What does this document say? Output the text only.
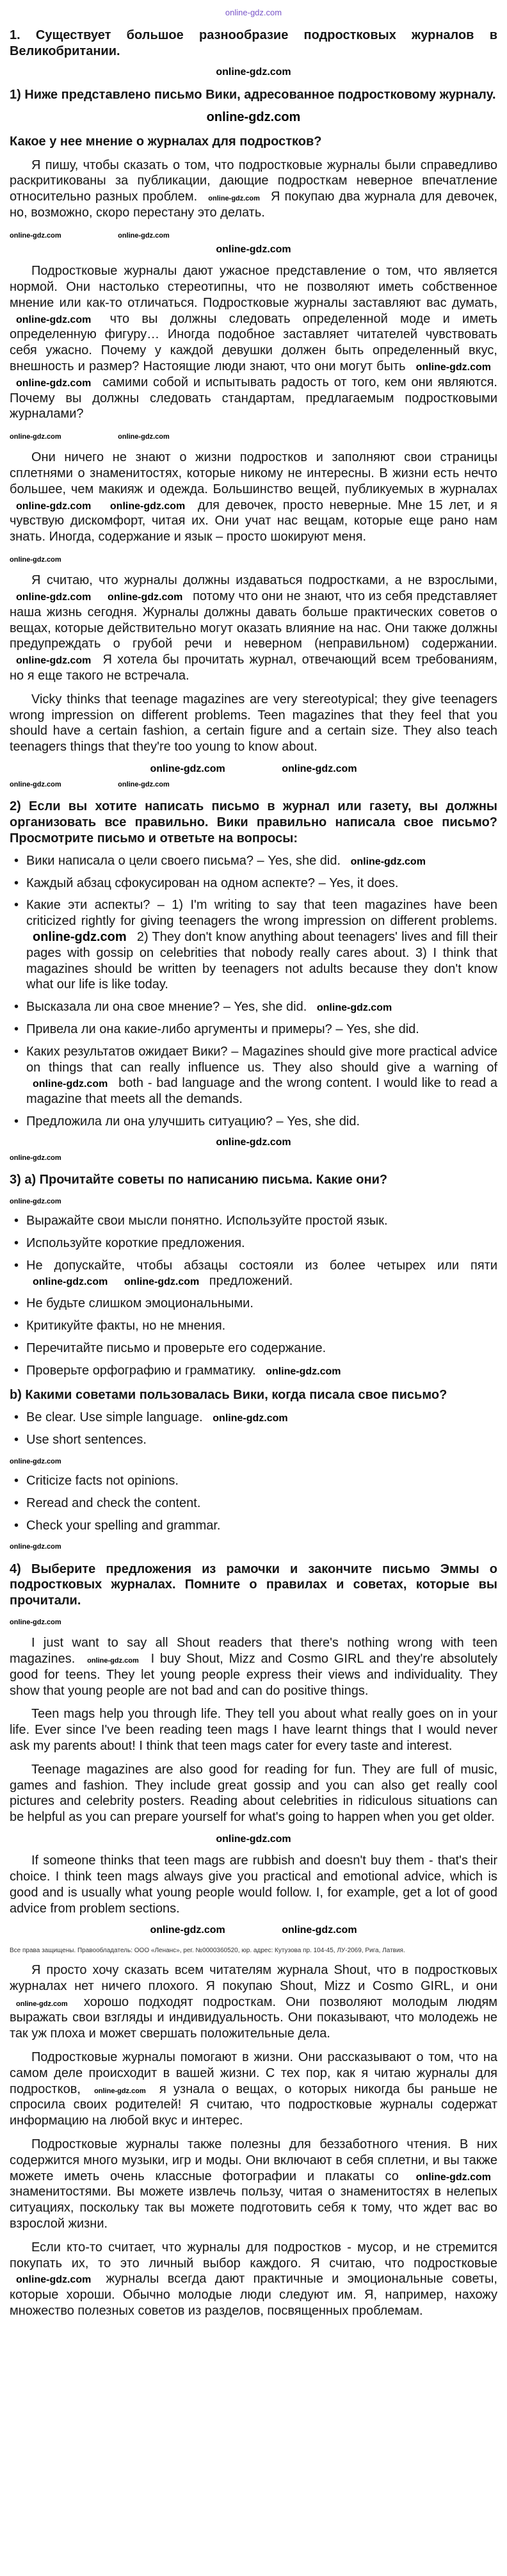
online-gdz.com
1. Существует большое разнообразие подростковых журналов в Великобритании.
online-gdz.com
1) Ниже представлено письмо Вики, адресованное подростковому журналу.
online-gdz.com
Какое у нее мнение о журналах для подростков?

Я пишу, чтобы сказать о том, что подростковые журналы были справедливо раскритикованы за публикации, дающие подросткам неверное впечатление относительно разных проблем. online-gdz.com Я покупаю два журнала для девочек, но, возможно, скоро перестану это делать.

online-gdz.com	online-gdz.com
online-gdz.com

Подростковые журналы дают ужасное представление о том, что является нормой. Они настолько стереотипны, что не позволяют иметь собственное мнение или как-то отличаться. Подростковые журналы заставляют вас думать, online-gdz.com что вы должны следовать определенной моде и иметь определенную фигуру… Иногда подобное заставляет читателей чувствовать себя ужасно. Почему у каждой девушки должен быть определенный вкус, внешность и размер? Настоящие люди знают, что они могут быть online-gdz.com online-gdz.com самими собой и испытывать радость от того, кем они являются. Почему вы должны следовать стандартам, предлагаемым подростковыми журналами?

online-gdz.com	online-gdz.com

Они ничего не знают о жизни подростков и заполняют свои страницы сплетнями о знаменитостях, которые никому не интересны. В жизни есть нечто большее, чем макияж и одежда. Большинство вещей, публикуемых в журналах online-gdz.com online-gdz.com для девочек, просто неверные. Мне 15 лет, и я чувствую дискомфорт, читая их. Они учат нас вещам, которые еще рано нам знать. Иногда, содержание и язык – просто шокируют меня.

online-gdz.com

Я считаю, что журналы должны издаваться подростками, а не взрослыми, online-gdz.com online-gdz.com потому что они не знают, что из себя представляет наша жизнь сегодня. Журналы должны давать больше практических советов о вещах, которые действительно могут оказать влияние на нас. Они также должны предупреждать о грубой речи и неверном (неправильном) содержании. online-gdz.com Я хотела бы прочитать журнал, отвечающий всем требованиям, но я еще такого не встречала.

Vicky thinks that teenage magazines are very stereotypical; they give teenagers wrong impression on different problems. Teen magazines that they feel that you should have a certain fashion, a certain figure and a certain size. They also teach teenagers things that they're too young to know about.

online-gdz.com	online-gdz.com
online-gdz.com	online-gdz.com
2) Если вы хотите написать письмо в журнал или газету, вы должны организовать все правильно. Вики правильно написала свое письмо? Просмотрите письмо и ответьте на вопросы:
• Вики написала о цели своего письма? – Yes, she did. online-gdz.com
• Каждый абзац сфокусирован на одном аспекте? – Yes, it does.
• Какие эти аспекты? – 1) I'm writing to say that teen magazines have been criticized rightly for giving teenagers the wrong impression on different problems. online-gdz.com 2) They don't know anything about teenagers' lives and fill their pages with gossip on celebrities that nobody really cares about. 3) I think that magazines should be written by teenagers not adults because they don't know what our life is like today.
• Высказала ли она свое мнение? – Yes, she did. online-gdz.com
• Привела ли она какие-либо аргументы и примеры? – Yes, she did.
• Каких результатов ожидает Вики? – Magazines should give more practical advice on things that can really influence us. They also should give a warning of online-gdz.com both - bad language and the wrong content. I would like to read a magazine that meets all the demands.
• Предложила ли она улучшить ситуацию? – Yes, she did.
online-gdz.com
online-gdz.com
3) a) Прочитайте советы по написанию письма. Какие они?
online-gdz.com
• Выражайте свои мысли понятно. Используйте простой язык.
• Используйте короткие предложения.
• Не допускайте, чтобы абзацы состояли из более четырех или пяти online-gdz.com online-gdz.com предложений.
• Не будьте слишком эмоциональными.
• Критикуйте факты, но не мнения.
• Перечитайте письмо и проверьте его содержание.
• Проверьте орфографию и грамматику. online-gdz.com
b) Какими советами пользовалась Вики, когда писала свое письмо?
• Be clear. Use simple language. online-gdz.com
• Use short sentences.
online-gdz.com
• Criticize facts not opinions.
• Reread and check the content.
• Check your spelling and grammar.
online-gdz.com
4) Выберите предложения из рамочки и закончите письмо Эммы о подростковых журналах. Помните о правилах и советах, которые вы прочитали.
online-gdz.com

I just want to say all Shout readers that there's nothing wrong with teen magazines. online-gdz.com I buy Shout, Mizz and Cosmo GIRL and they're absolutely good for teens. They let young people express their views and individuality. They show that young people are not bad and can do positive things.

Teen mags help you through life. They tell you about what really goes on in your life. Ever since I've been reading teen mags I have learnt things that I would never ask my parents about! I think that teen mags cater for every taste and interest.

Teenage magazines are also good for reading for fun. They are full of music, games and fashion. They include great gossip and you can also get really cool pictures and celebrity posters. Reading about celebrities in ridiculous situations can be helpful as you can prepare yourself for what's going to happen when you get older.

online-gdz.com

If someone thinks that teen mags are rubbish and doesn't buy them - that's their choice. I think teen mags always give you practical and emotional advice, which is good and is usually what young people would follow. I, for example, get a lot of good advice from problem sections.

online-gdz.com	online-gdz.com
Все права защищены. Правообладатель: ООО «Ленанс», рег. №0000360520, юр. адрес: Кутузова пр. 104-45, ЛУ-2069, Рига, Латвия.

Я просто хочу сказать всем читателям журнала Shout, что в подростковых журналах нет ничего плохого. Я покупаю Shout, Mizz и Cosmo GIRL, и они online-gdz.com хорошо подходят подросткам. Они позволяют молодым людям выражать свои взгляды и индивидуальность. Они показывают, что молодежь не так уж плоха и может свершать положительные дела.

Подростковые журналы помогают в жизни. Они рассказывают о том, что на самом деле происходит в вашей жизни. С тех пор, как я читаю журналы для подростков, online-gdz.com я узнала о вещах, о которых никогда бы раньше не спросила своих родителей! Я считаю, что подростковые журналы содержат информацию на любой вкус и интерес.

Подростковые журналы также полезны для беззаботного чтения. В них содержится много музыки, игр и моды. Они включают в себя сплетни, и вы также можете иметь очень классные фотографии и плакаты со online-gdz.com знаменитостями. Вы можете извлечь пользу, читая о знаменитостях в нелепых ситуациях, поскольку так вы можете подготовить себя к тому, что ждет вас во взрослой жизни.

Если кто-то считает, что журналы для подростков - мусор, и не стремится покупать их, то это личный выбор каждого. Я считаю, что подростковые online-gdz.com журналы всегда дают практичные и эмоциональные советы, которые хороши. Обычно молодые люди следуют им. Я, например, нахожу множество полезных советов из разделов, посвященных проблемам.
